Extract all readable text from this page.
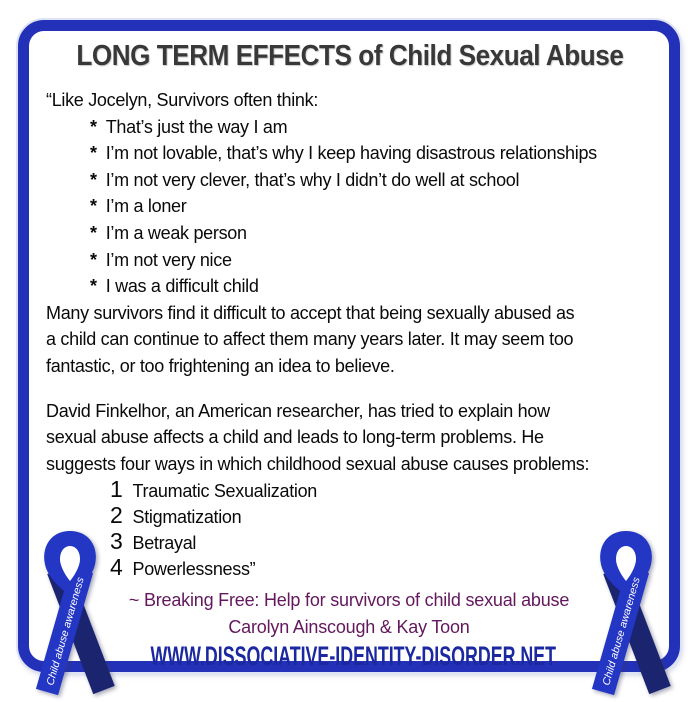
LONG TERM EFFECTS of Child Sexual Abuse
“Like Jocelyn, Survivors often think:
* That’s just the way I am
* I’m not lovable, that’s why I keep having disastrous relationships
* I’m not very clever, that’s why I didn’t do well at school
* I’m a loner
* I’m a weak person
* I’m not very nice
* I was a difficult child
Many survivors find it difficult to accept that being sexually abused as
a child can continue to affect them many years later. It may seem too
fantastic, or too frightening an idea to believe.
David Finkelhor, an American researcher, has tried to explain how
sexual abuse affects a child and leads to long-term problems. He
suggests four ways in which childhood sexual abuse causes problems:
1 Traumatic Sexualization
2 Stigmatization
3 Betrayal
4 Powerlessness”
~ Breaking Free: Help for survivors of child sexual abuse
Carolyn Ainscough & Kay Toon
WWW.DISSOCIATIVE-IDENTITY-DISORDER.NET
Child abuse awareness	Child abuse awareness
